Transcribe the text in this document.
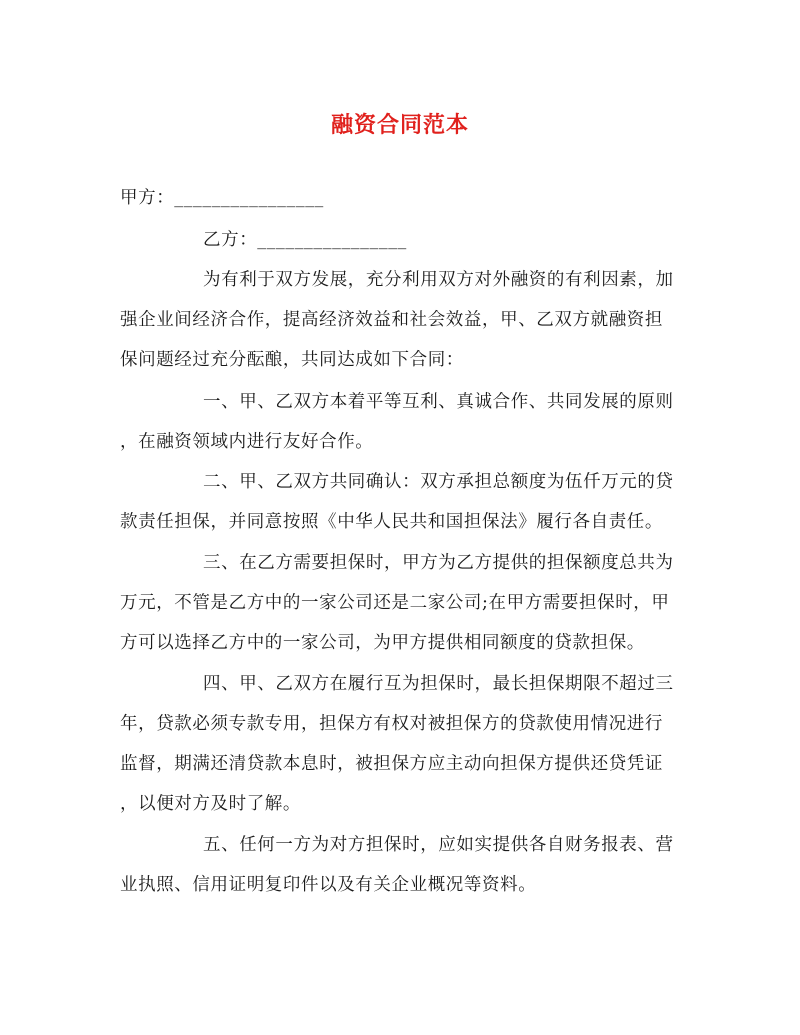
融资合同范本
甲方：________________
乙方：________________
为有利于双方发展，充分利用双方对外融资的有利因素，加
强企业间经济合作，提高经济效益和社会效益，甲、乙双方就融资担
保问题经过充分酝酿，共同达成如下合同：
一、甲、乙双方本着平等互利、真诚合作、共同发展的原则
，在融资领域内进行友好合作。
二、甲、乙双方共同确认：双方承担总额度为伍仟万元的贷
款责任担保，并同意按照《中华人民共和国担保法》履行各自责任。
三、在乙方需要担保时，甲方为乙方提供的担保额度总共为
万元，不管是乙方中的一家公司还是二家公司;在甲方需要担保时，甲
方可以选择乙方中的一家公司，为甲方提供相同额度的贷款担保。
四、甲、乙双方在履行互为担保时，最长担保期限不超过三
年，贷款必须专款专用，担保方有权对被担保方的贷款使用情况进行
监督，期满还清贷款本息时，被担保方应主动向担保方提供还贷凭证
，以便对方及时了解。
五、任何一方为对方担保时，应如实提供各自财务报表、营
业执照、信用证明复印件以及有关企业概况等资料。
